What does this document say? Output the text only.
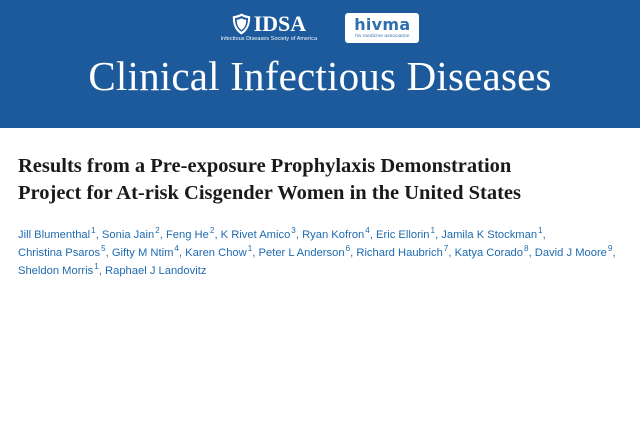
IDSA
Infectious Diseases Society of America
hivma
hiv medicine association
Clinical Infectious Diseases
Results from a Pre-exposure Prophylaxis Demonstration Project for At-risk Cisgender Women in the United States
Jill Blumenthal$^1$, Sonia Jain$^2$, Feng He$^2$, K Rivet Amico$^3$, Ryan Kofron$^4$, Eric Ellorin$^1$, Jamila K Stockman$^1$, Christina Psaros$^5$, Gifty M Ntim$^4$, Karen Chow$^1$, Peter L Anderson$^6$, Richard Haubrich$^7$, Katya Corado$^8$, David J Moore$^9$, Sheldon Morris$^1$, Raphael J Landovitz
